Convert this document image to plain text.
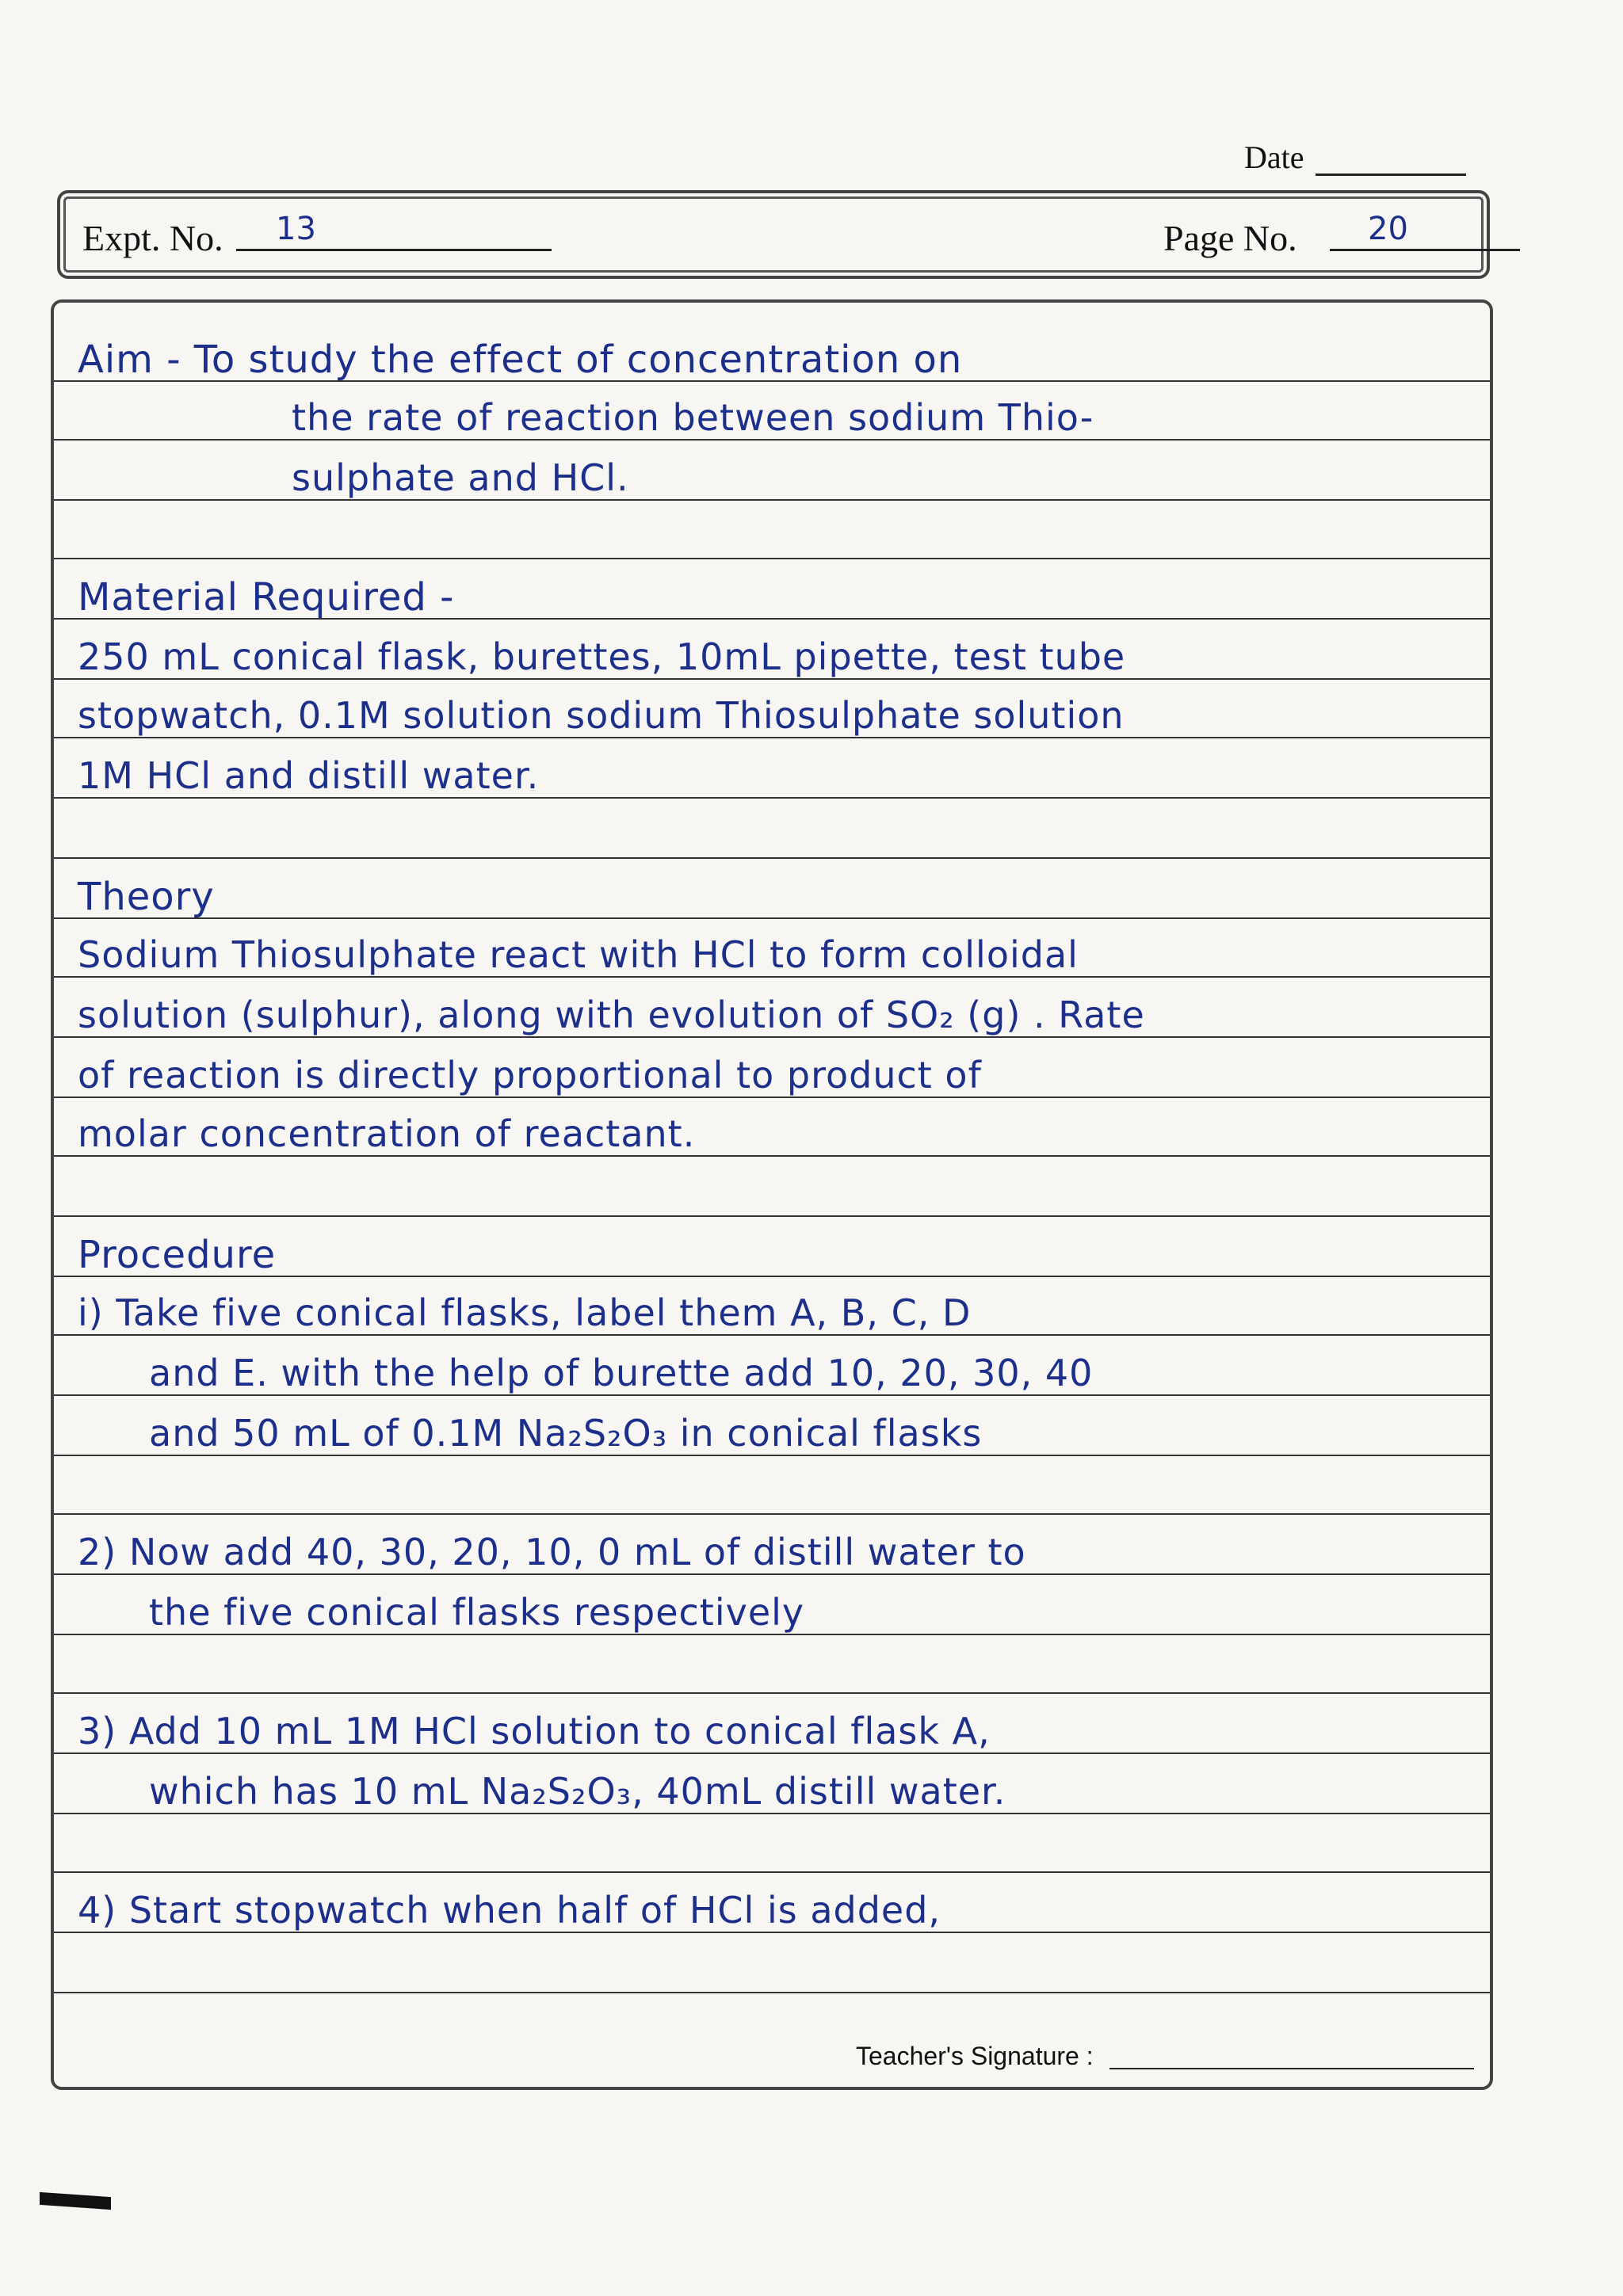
Date
Expt. No. 13	Page No. 20
Aim - To study the effect of concentration on
the rate of reaction between sodium Thio-
sulphate and HCl.
Material Required -
250 mL conical flask, burettes, 10mL pipette, test tube
stopwatch, 0.1M solution sodium Thiosulphate solution
1M HCl and distill water.
Theory
Sodium Thiosulphate react with HCl to form colloidal
solution (sulphur), along with evolution of SO₂ (g) . Rate
of reaction is directly proportional to product of
molar concentration of reactant.
Procedure
i) Take five conical flasks, label them A, B, C, D
and E. with the help of burette add 10, 20, 30, 40
and 50 mL of 0.1M Na₂S₂O₃ in conical flasks
2) Now add 40, 30, 20, 10, 0 mL of distill water to
the five conical flasks respectively
3) Add 10 mL 1M HCl solution to conical flask A,
which has 10 mL Na₂S₂O₃, 40mL distill water.
4) Start stopwatch when half of HCl is added,
Teacher's Signature :
